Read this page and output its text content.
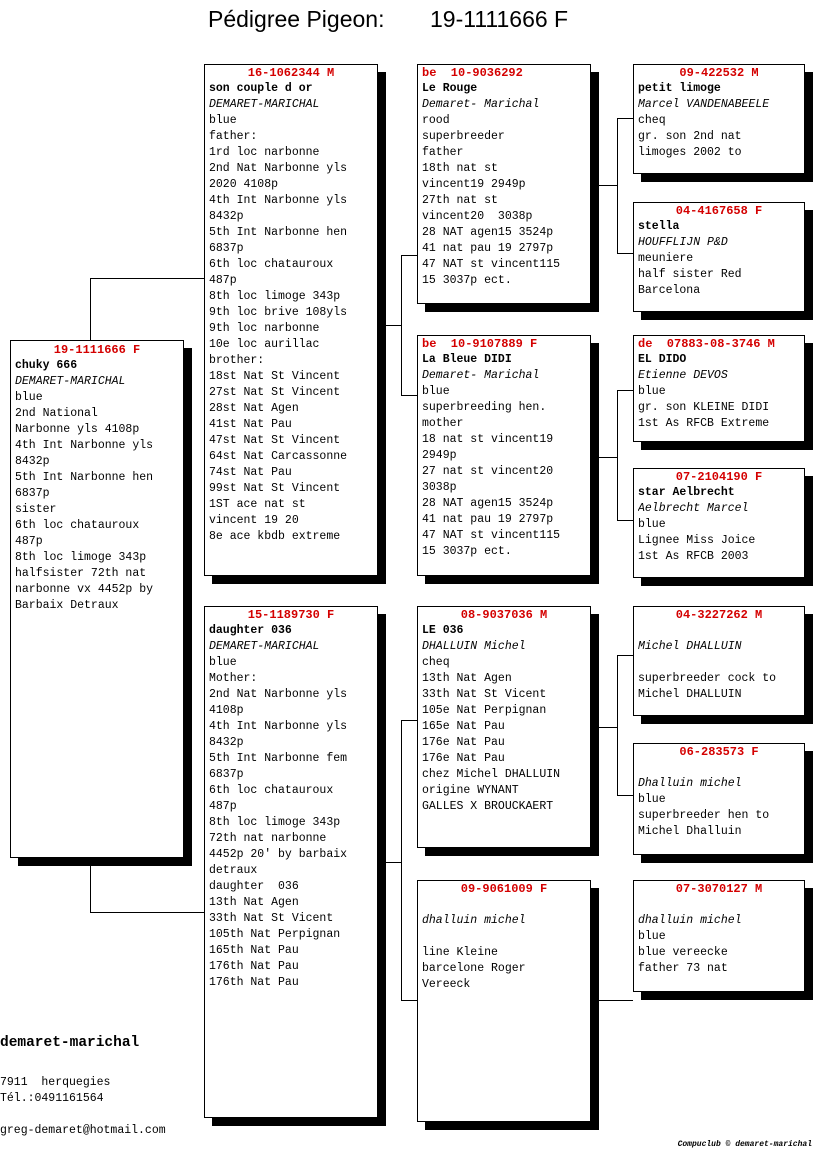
Pédigree Pigeon: 19-1111666 F
19-1111666 F
chuky 666
DEMARET-MARICHAL
blue
2nd National
Narbonne yls 4108p
4th Int Narbonne yls
8432p
5th Int Narbonne hen
6837p
sister
6th loc chatauroux
487p
8th loc limoge 343p
halfsister 72th nat
narbonne vx 4452p by
Barbaix Detraux
16-1062344 M
son couple d or
DEMARET-MARICHAL
blue
father:
1rd loc narbonne
2nd Nat Narbonne yls
2020 4108p
4th Int Narbonne yls
8432p
5th Int Narbonne hen
6837p
6th loc chatauroux
487p
8th loc limoge 343p
9th loc brive 108yls
9th loc narbonne
10e loc aurillac
brother:
18st Nat St Vincent
27st Nat St Vincent
28st Nat Agen
41st Nat Pau
47st Nat St Vincent
64st Nat Carcassonne
74st Nat Pau
99st Nat St Vincent
1ST ace nat st
vincent 19 20
8e ace kbdb extreme
15-1189730 F
daughter 036
DEMARET-MARICHAL
blue
Mother:
2nd Nat Narbonne yls
4108p
4th Int Narbonne yls
8432p
5th Int Narbonne fem
6837p
6th loc chatauroux
487p
8th loc limoge 343p
72th nat narbonne
4452p 20' by barbaix
detraux
daughter  036
13th Nat Agen
33th Nat St Vicent
105th Nat Perpignan
165th Nat Pau
176th Nat Pau
176th Nat Pau
be  10-9036292
Le Rouge
Demaret- Marichal
rood
superbreeder
father
18th nat st
vincent19 2949p
27th nat st
vincent20  3038p
28 NAT agen15 3524p
41 nat pau 19 2797p
47 NAT st vincent115
15 3037p ect.
be  10-9107889 F
La Bleue DIDI
Demaret- Marichal
blue
superbreeding hen.
mother
18 nat st vincent19
2949p
27 nat st vincent20
3038p
28 NAT agen15 3524p
41 nat pau 19 2797p
47 NAT st vincent115
15 3037p ect.
08-9037036 M
LE 036
DHALLUIN Michel
cheq
13th Nat Agen
33th Nat St Vicent
105e Nat Perpignan
165e Nat Pau
176e Nat Pau
176e Nat Pau
chez Michel DHALLUIN
origine WYNANT
GALLES X BROUCKAERT
09-9061009 F
dhalluin michel
line Kleine
barcelone Roger
Vereeck
09-422532 M
petit limoge
Marcel VANDENABEELE
cheq
gr. son 2nd nat
limoges 2002 to
04-4167658 F
stella
HOUFFLIJN P&D
meuniere
half sister Red
Barcelona
de  07883-08-3746 M
EL DIDO
Etienne DEVOS
blue
gr. son KLEINE DIDI
1st As RFCB Extreme
07-2104190 F
star Aelbrecht
Aelbrecht Marcel
blue
Lignee Miss Joice
1st As RFCB 2003
04-3227262 M
Michel DHALLUIN
superbreeder cock to
Michel DHALLUIN
06-283573 F
Dhalluin michel
blue
superbreeder hen to
Michel Dhalluin
07-3070127 M
dhalluin michel
blue
blue vereecke
father 73 nat
demaret-marichal
7911  herquegies
Tél.:0491161564
greg-demaret@hotmail.com
Compuclub © demaret-marichal
